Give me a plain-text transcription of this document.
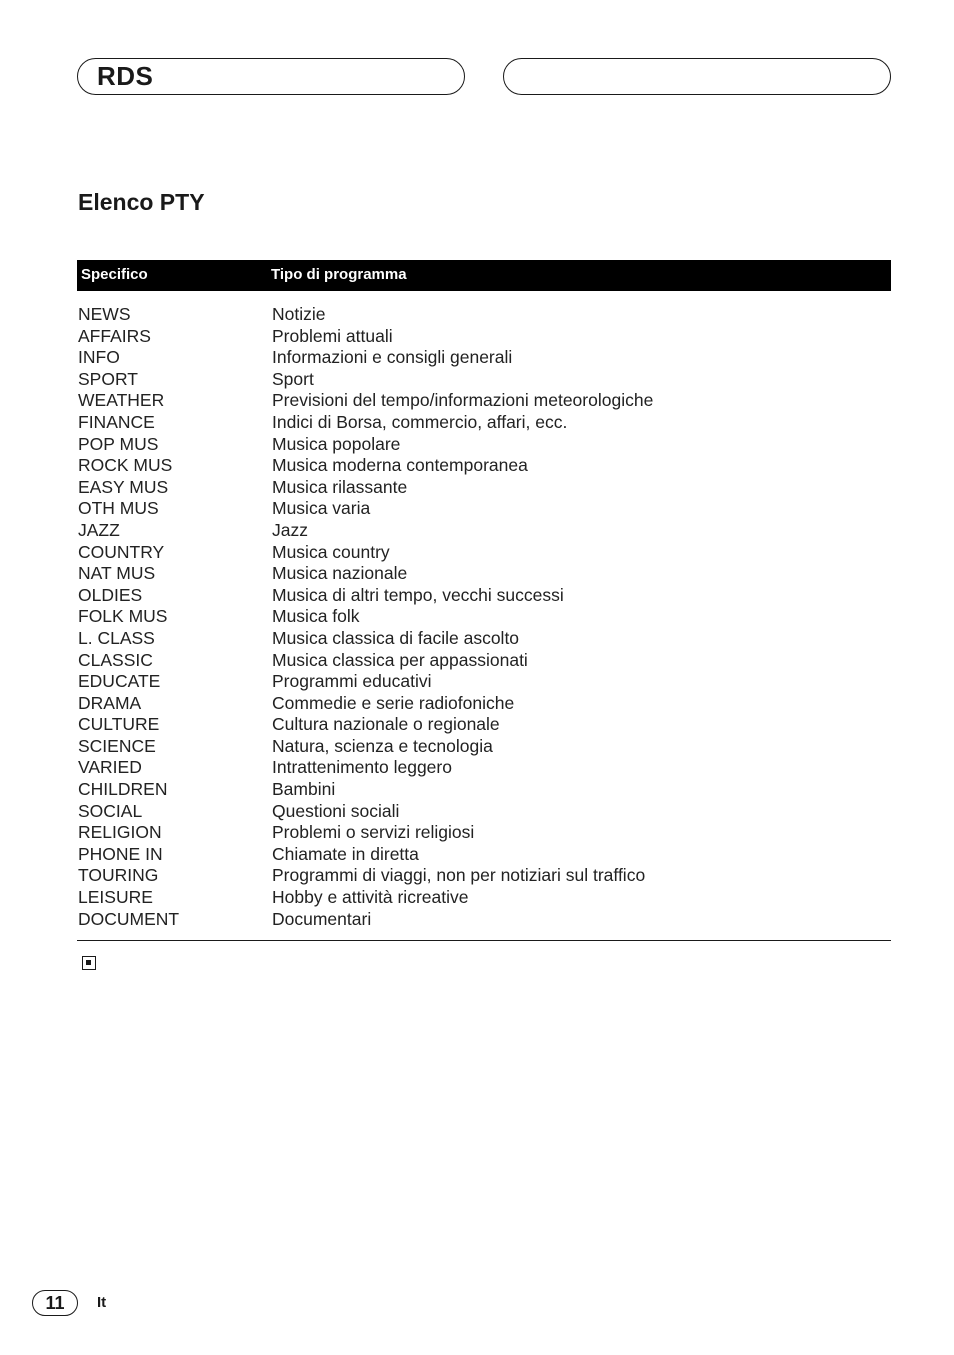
RDS
Elenco PTY
Specifico	Tipo di programma
NEWS	Notizie
AFFAIRS	Problemi attuali
INFO	Informazioni e consigli generali
SPORT	Sport
WEATHER	Previsioni del tempo/informazioni meteorologiche
FINANCE	Indici di Borsa, commercio, affari, ecc.
POP MUS	Musica popolare
ROCK MUS	Musica moderna contemporanea
EASY MUS	Musica rilassante
OTH MUS	Musica varia
JAZZ	Jazz
COUNTRY	Musica country
NAT MUS	Musica nazionale
OLDIES	Musica di altri tempo, vecchi successi
FOLK MUS	Musica folk
L. CLASS	Musica classica di facile ascolto
CLASSIC	Musica classica per appassionati
EDUCATE	Programmi educativi
DRAMA	Commedie e serie radiofoniche
CULTURE	Cultura nazionale o regionale
SCIENCE	Natura, scienza e tecnologia
VARIED	Intrattenimento leggero
CHILDREN	Bambini
SOCIAL	Questioni sociali
RELIGION	Problemi o servizi religiosi
PHONE IN	Chiamate in diretta
TOURING	Programmi di viaggi, non per notiziari sul traffico
LEISURE	Hobby e attività ricreative
DOCUMENT	Documentari
11	It
